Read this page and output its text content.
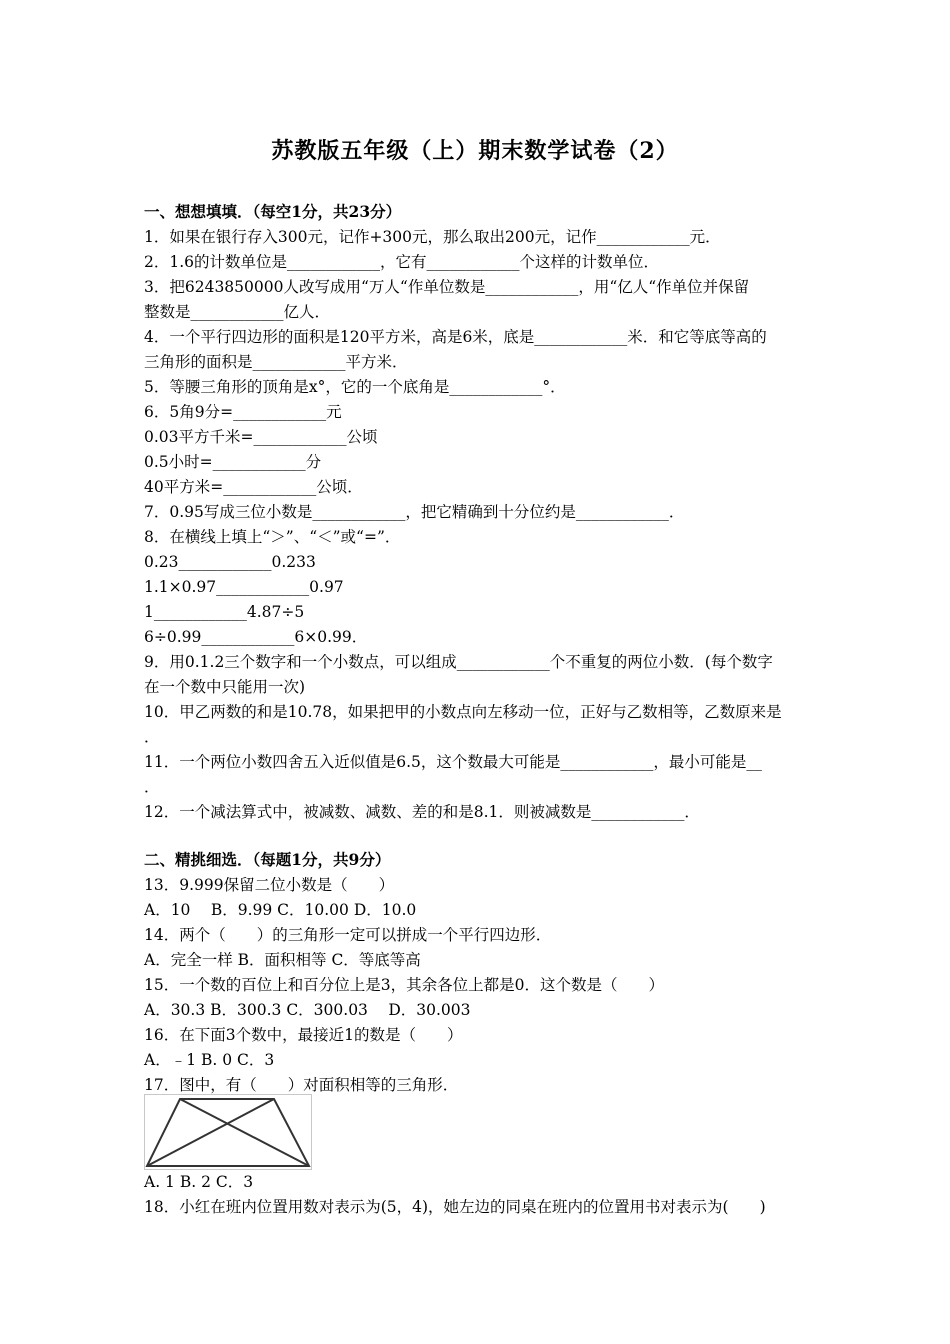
苏教版五年级（上）期末数学试卷（2）
一、想想填填．（每空1分，共23分）
1．如果在银行存入300元，记作+300元，那么取出200元，记作____________元．
2．1.6的计数单位是____________，它有____________个这样的计数单位．
3．把6243850000人改写成用“万人“作单位数是____________，用“亿人“作单位并保留
整数是____________亿人．
4．一个平行四边形的面积是120平方米，高是6米，底是____________米．和它等底等高的
三角形的面积是____________平方米．
5．等腰三角形的顶角是x°，它的一个底角是____________°．
6．5角9分=____________元
0.03平方千米=____________公顷
0.5小时=____________分
40平方米=____________公顷．
7．0.95写成三位小数是____________，把它精确到十分位约是____________．
8．在横线上填上“＞”、“＜”或“=”．
0.23____________0.233
1.1×0.97____________0.97
1____________4.87÷5
6÷0.99____________6×0.99．
9．用0.1.2三个数字和一个小数点，可以组成____________个不重复的两位小数．(每个数字
在一个数中只能用一次)
10．甲乙两数的和是10.78，如果把甲的小数点向左移动一位，正好与乙数相等，乙数原来是
．
11．一个两位小数四舍五入近似值是6.5，这个数最大可能是____________，最小可能是__
．
12．一个减法算式中，被减数、减数、差的和是8.1．则被减数是____________．
二、精挑细选．（每题1分，共9分）
13．9.999保留二位小数是（　　）
A．10　 B．9.99 C．10.00 D．10.0
14．两个（　　）的三角形一定可以拼成一个平行四边形．
A．完全一样 B．面积相等 C．等底等高
15．一个数的百位上和百分位上是3，其余各位上都是0．这个数是（　　）
A．30.3 B．300.3 C．300.03　 D．30.003
16．在下面3个数中，最接近1的数是（　　）
A．﹣1 B. 0 C．3
17．图中，有（　　）对面积相等的三角形．
A. 1 B. 2 C．3
18．小红在班内位置用数对表示为(5，4)，她左边的同桌在班内的位置用书对表示为(　　)
